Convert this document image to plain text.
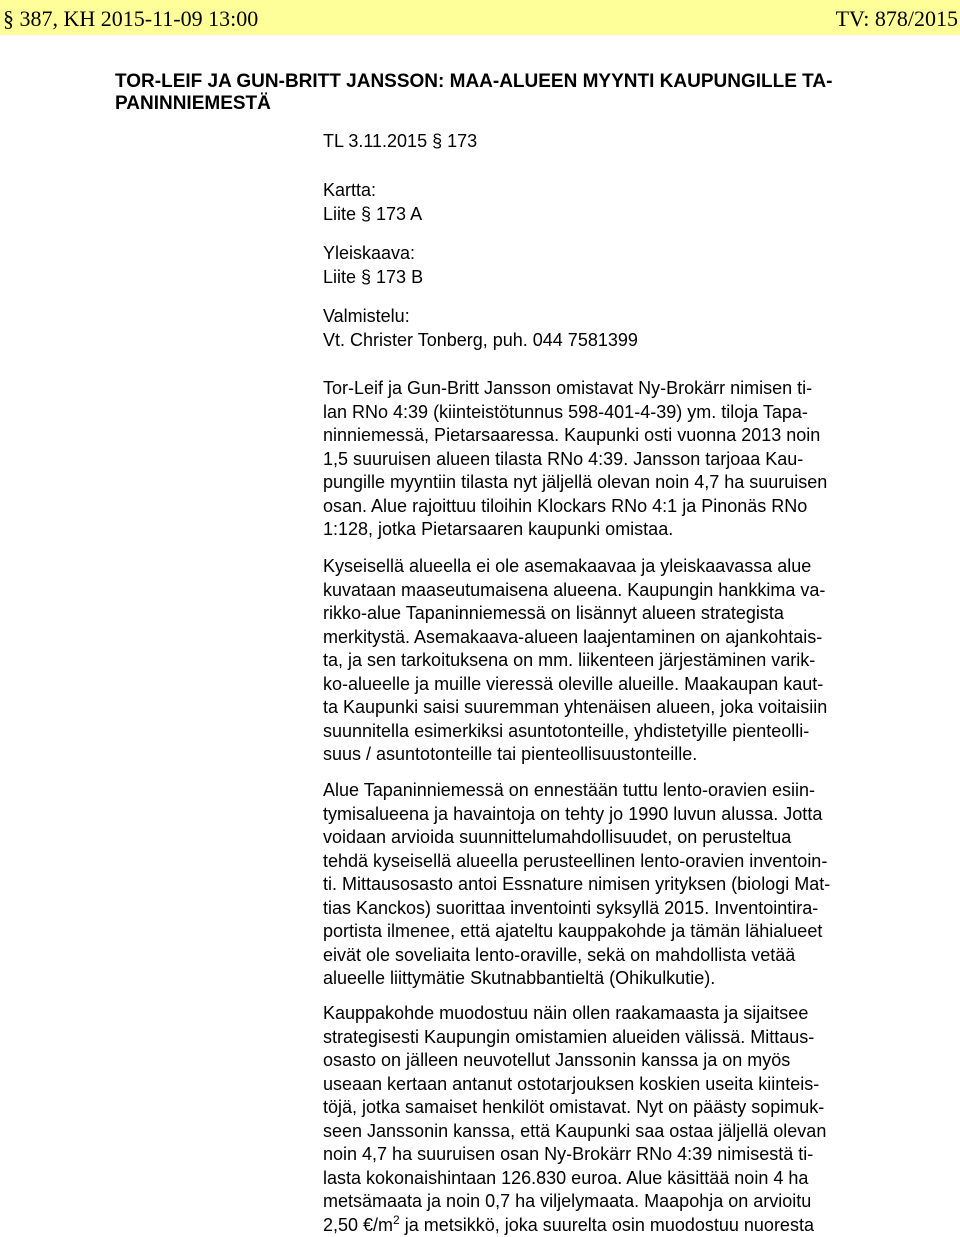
§ 387, KH 2015-11-09 13:00	TV: 878/2015
TOR-LEIF JA GUN-BRITT JANSSON: MAA-ALUEEN MYYNTI KAUPUNGILLE TA-
PANINNIEMESTÄ
TL 3.11.2015 § 173
Kartta:
Liite § 173 A
Yleiskaava:
Liite § 173 B
Valmistelu:
Vt. Christer Tonberg, puh. 044 7581399
Tor-Leif ja Gun-Britt Jansson omistavat Ny-Brokärr nimisen ti-
lan RNo 4:39 (kiinteistötunnus 598-401-4-39) ym. tiloja Tapa-
ninniemessä, Pietarsaaressa. Kaupunki osti vuonna 2013 noin
1,5 suuruisen alueen tilasta RNo 4:39. Jansson tarjoaa Kau-
pungille myyntiin tilasta nyt jäljellä olevan noin 4,7 ha suuruisen
osan. Alue rajoittuu tiloihin Klockars RNo 4:1 ja Pinonäs RNo
1:128, jotka Pietarsaaren kaupunki omistaa.
Kyseisellä alueella ei ole asemakaavaa ja yleiskaavassa alue
kuvataan maaseutumaisena alueena. Kaupungin hankkima va-
rikko-alue Tapaninniemessä on lisännyt alueen strategista
merkitystä. Asemakaava-alueen laajentaminen on ajankohtais-
ta, ja sen tarkoituksena on mm. liikenteen järjestäminen varik-
ko-alueelle ja muille vieressä oleville alueille. Maakaupan kaut-
ta Kaupunki saisi suuremman yhtenäisen alueen, joka voitaisiin
suunnitella esimerkiksi asuntotonteille, yhdistetyille pienteolli-
suus / asuntotonteille tai pienteollisuustonteille.
Alue Tapaninniemessä on ennestään tuttu lento-oravien esiin-
tymisalueena ja havaintoja on tehty jo 1990 luvun alussa. Jotta
voidaan arvioida suunnittelumahdollisuudet, on perusteltua
tehdä kyseisellä alueella perusteellinen lento-oravien inventoin-
ti. Mittausosasto antoi Essnature nimisen yrityksen (biologi Mat-
tias Kanckos) suorittaa inventointi syksyllä 2015. Inventointira-
portista ilmenee, että ajateltu kauppakohde ja tämän lähialueet
eivät ole soveliaita lento-oraville, sekä on mahdollista vetää
alueelle liittymätie Skutnabbantieltä (Ohikulkutie).
Kauppakohde muodostuu näin ollen raakamaasta ja sijaitsee
strategisesti Kaupungin omistamien alueiden välissä. Mittaus-
osasto on jälleen neuvotellut Janssonin kanssa ja on myös
useaan kertaan antanut ostotarjouksen koskien useita kiinteis-
töjä, jotka samaiset henkilöt omistavat. Nyt on päästy sopimuk-
seen Janssonin kanssa, että Kaupunki saa ostaa jäljellä olevan
noin 4,7 ha suuruisen osan Ny-Brokärr RNo 4:39 nimisestä ti-
lasta kokonaishintaan 126.830 euroa. Alue käsittää noin 4 ha
metsämaata ja noin 0,7 ha viljelymaata. Maapohja on arvioitu
2,50 $€/m^2$ ja metsikkö, joka suurelta osin muodostuu nuoresta
